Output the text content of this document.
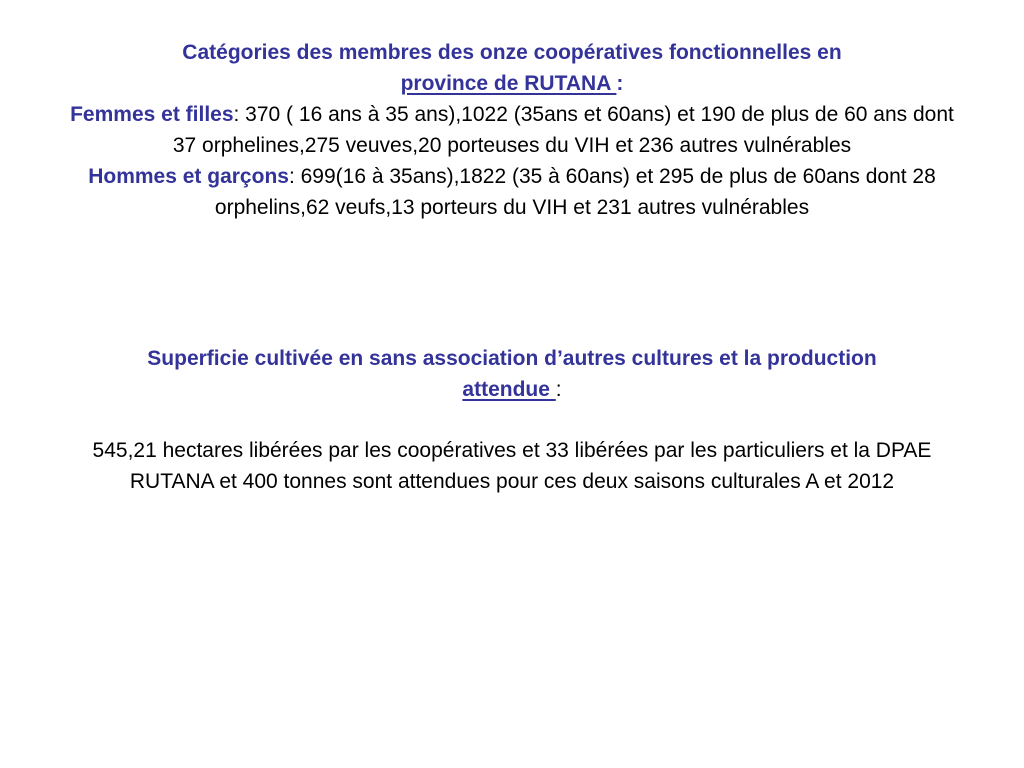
Catégories des membres des onze coopératives fonctionnelles en
province de RUTANA :
Femmes et filles: 370 ( 16 ans à 35 ans),1022 (35ans et 60ans) et 190 de plus de 60 ans dont 37 orphelines,275 veuves,20 porteuses du VIH et 236 autres vulnérables
Hommes et garçons: 699(16 à 35ans),1822 (35 à 60ans) et 295 de plus de 60ans dont 28 orphelins,62 veufs,13 porteurs du VIH et 231 autres vulnérables
Superficie cultivée en sans association d’autres cultures et la production
attendue :
545,21 hectares libérées par les coopératives et 33 libérées par les particuliers et la DPAE RUTANA et 400 tonnes sont attendues pour ces deux saisons culturales A et 2012
